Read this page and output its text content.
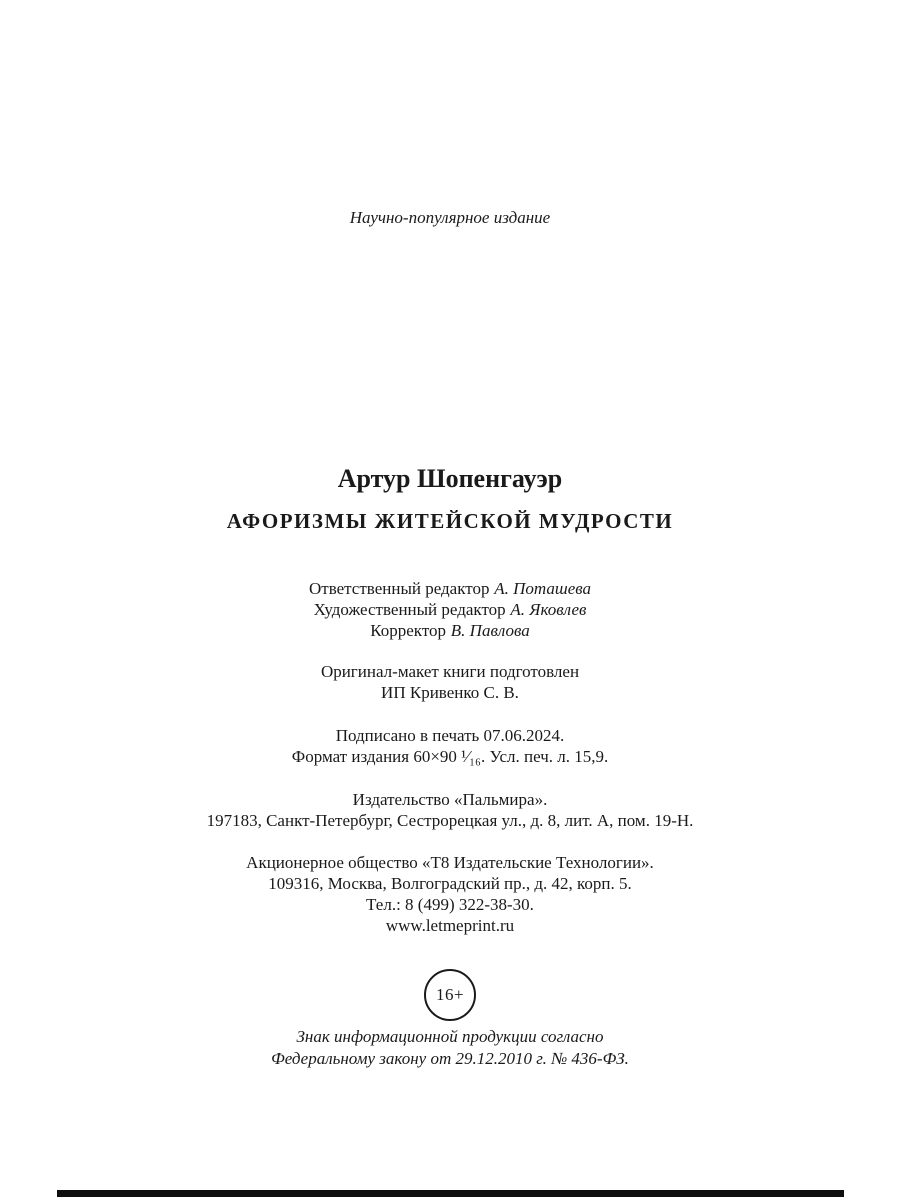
Научно-популярное издание
Артур Шопенгауэр
АФОРИЗМЫ ЖИТЕЙСКОЙ МУДРОСТИ
Ответственный редактор А. Поташева
Художественный редактор А. Яковлев
Корректор В. Павлова
Оригинал-макет книги подготовлен
ИП Кривенко С. В.
Подписано в печать 07.06.2024.
Формат издания 60×90 ¹⁄₁₆. Усл. печ. л. 15,9.
Издательство «Пальмира».
197183, Санкт-Петербург, Сестрорецкая ул., д. 8, лит. А, пом. 19-Н.
Акционерное общество «Т8 Издательские Технологии».
109316, Москва, Волгоградский пр., д. 42, корп. 5.
Тел.: 8 (499) 322-38-30.
www.letmeprint.ru
16+
Знак информационной продукции согласно
Федеральному закону от 29.12.2010 г. № 436-ФЗ.
